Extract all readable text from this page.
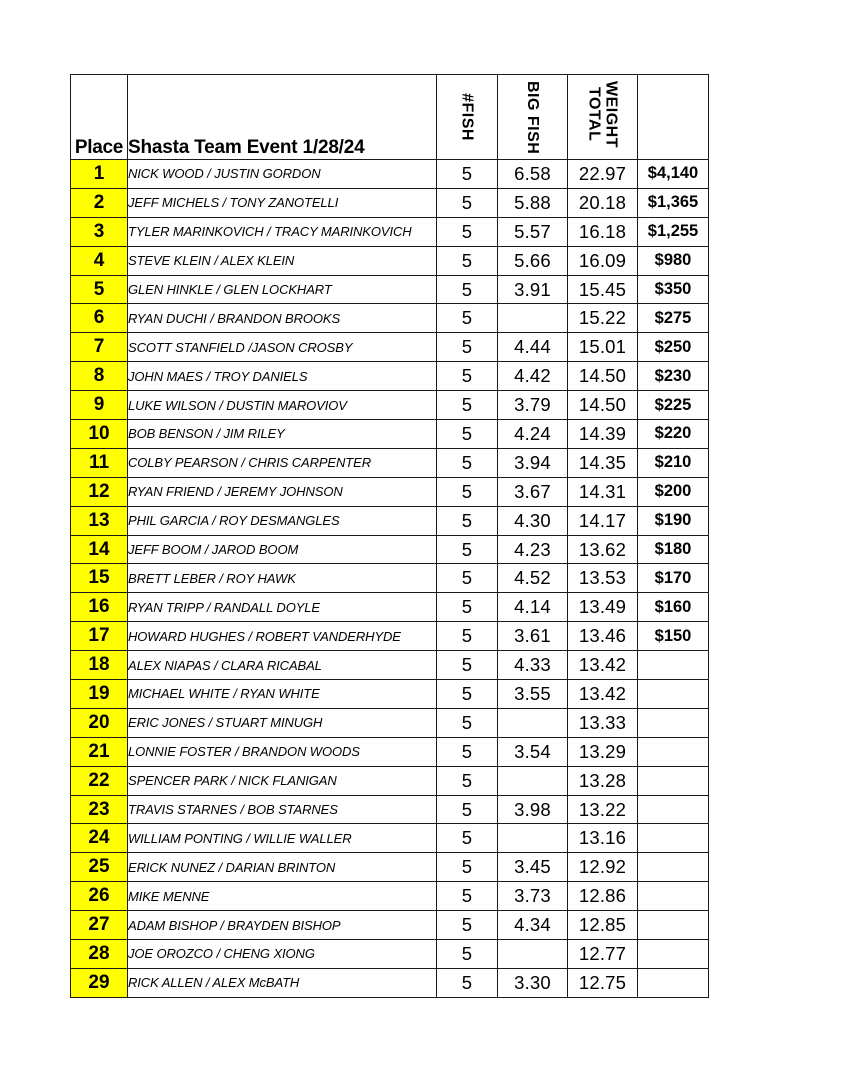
Place	Shasta Team Event 1/28/24	#FISH	BIG FISH	WEIGHT
TOTAL	

1	NICK WOOD / JUSTIN GORDON	5	6.58	22.97	$4,140
2	JEFF MICHELS / TONY ZANOTELLI	5	5.88	20.18	$1,365
3	TYLER MARINKOVICH / TRACY MARINKOVICH	5	5.57	16.18	$1,255
4	STEVE KLEIN / ALEX KLEIN	5	5.66	16.09	$980
5	GLEN HINKLE / GLEN LOCKHART	5	3.91	15.45	$350
6	RYAN DUCHI / BRANDON BROOKS	5		15.22	$275
7	SCOTT STANFIELD /JASON CROSBY	5	4.44	15.01	$250
8	JOHN MAES / TROY DANIELS	5	4.42	14.50	$230
9	LUKE WILSON / DUSTIN MAROVIOV	5	3.79	14.50	$225
10	BOB BENSON / JIM RILEY	5	4.24	14.39	$220
11	COLBY PEARSON / CHRIS CARPENTER	5	3.94	14.35	$210
12	RYAN FRIEND / JEREMY JOHNSON	5	3.67	14.31	$200
13	PHIL GARCIA / ROY DESMANGLES	5	4.30	14.17	$190
14	JEFF BOOM / JAROD BOOM	5	4.23	13.62	$180
15	BRETT LEBER / ROY HAWK	5	4.52	13.53	$170
16	RYAN TRIPP / RANDALL DOYLE	5	4.14	13.49	$160
17	HOWARD HUGHES / ROBERT VANDERHYDE	5	3.61	13.46	$150
18	ALEX NIAPAS / CLARA RICABAL	5	4.33	13.42	
19	MICHAEL WHITE / RYAN WHITE	5	3.55	13.42	
20	ERIC JONES / STUART MINUGH	5		13.33	
21	LONNIE FOSTER / BRANDON WOODS	5	3.54	13.29	
22	SPENCER PARK / NICK FLANIGAN	5		13.28	
23	TRAVIS STARNES / BOB STARNES	5	3.98	13.22	
24	WILLIAM PONTING / WILLIE WALLER	5		13.16	
25	ERICK NUNEZ / DARIAN BRINTON	5	3.45	12.92	
26	MIKE MENNE	5	3.73	12.86	
27	ADAM BISHOP / BRAYDEN BISHOP	5	4.34	12.85	
28	JOE OROZCO / CHENG XIONG	5		12.77	
29	RICK ALLEN / ALEX McBATH	5	3.30	12.75	
